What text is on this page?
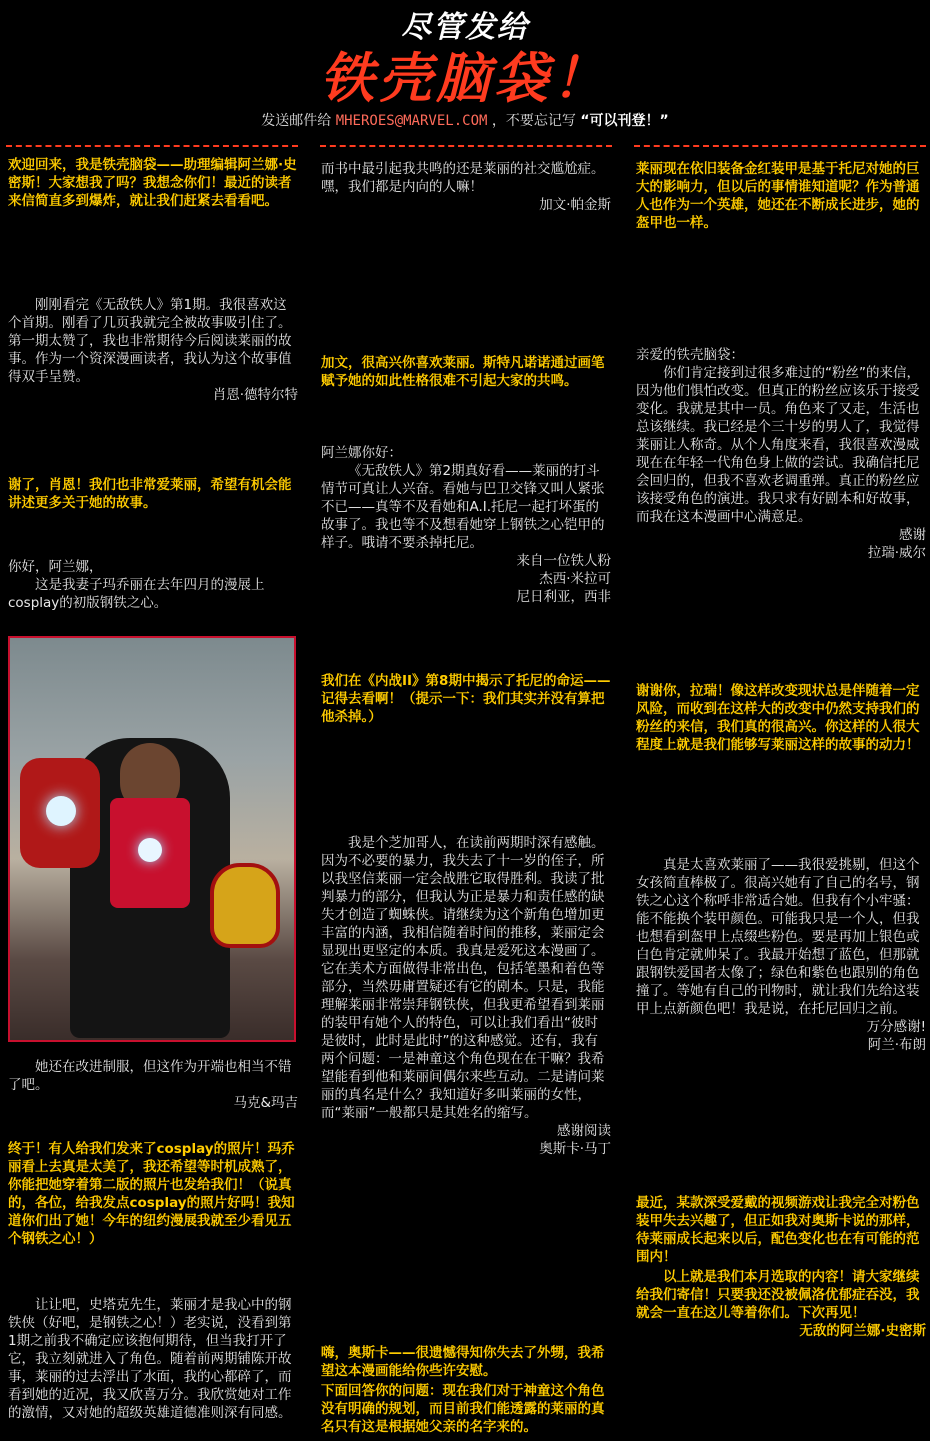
尽管发给
铁壳脑袋！
发送邮件给 MHEROES@MARVEL.COM ，不要忘记写 “可以刊登！”
欢迎回来，我是铁壳脑袋——助理编辑阿兰娜·史密斯！大家想我了吗？我想念你们！最近的读者来信简直多到爆炸，就让我们赶紧去看看吧。

刚刚看完《无敌铁人》第1期。我很喜欢这个首期。刚看了几页我就完全被故事吸引住了。第一期太赞了，我也非常期待今后阅读莱丽的故事。作为一个资深漫画读者，我认为这个故事值得双手呈赞。

肖恩·德特尔特

谢了，肖恩！我们也非常爱莱丽，希望有机会能讲述更多关于她的故事。

你好，阿兰娜，

这是我妻子玛乔丽在去年四月的漫展上cosplay的初版钢铁之心。

她还在改进制服，但这作为开端也相当不错了吧。

马克&玛吉

终于！有人给我们发来了cosplay的照片！玛乔丽看上去真是太美了，我还希望等时机成熟了，你能把她穿着第二版的照片也发给我们！（说真的，各位，给我发点cosplay的照片好吗！我知道你们出了她！今年的纽约漫展我就至少看见五个钢铁之心！）

让让吧，史塔克先生，莱丽才是我心中的钢铁侠（好吧，是钢铁之心！）老实说，没看到第1期之前我不确定应该抱何期待，但当我打开了它，我立刻就进入了角色。随着前两期铺陈开故事，莱丽的过去浮出了水面，我的心都碎了，而看到她的近况，我又欣喜万分。我欣赏她对工作的激情，又对她的超级英雄道德准则深有同感。

而书中最引起我共鸣的还是莱丽的社交尴尬症。嘿，我们都是内向的人嘛！

加文·帕金斯

加文，很高兴你喜欢莱丽。斯特凡诺诺通过画笔赋予她的如此性格很难不引起大家的共鸣。

阿兰娜你好：

《无敌铁人》第2期真好看——莱丽的打斗情节可真让人兴奋。看她与巴卫交锋又叫人紧张不已——真等不及看她和A.I.托尼一起打坏蛋的故事了。我也等不及想看她穿上钢铁之心铠甲的样子。哦请不要杀掉托尼。

来自一位铁人粉

杰西·米拉可

尼日利亚，西非

我们在《内战II》第8期中揭示了托尼的命运——记得去看啊！（提示一下：我们其实并没有算把他杀掉。）

我是个芝加哥人，在读前两期时深有感触。因为不必要的暴力，我失去了十一岁的侄子，所以我坚信莱丽一定会战胜它取得胜利。我读了批判暴力的部分，但我认为正是暴力和责任感的缺失才创造了蜘蛛侠。请继续为这个新角色增加更丰富的内涵，我相信随着时间的推移，莱丽定会显现出更坚定的本质。我真是爱死这本漫画了。它在美术方面做得非常出色，包括笔墨和着色等部分，当然毋庸置疑还有它的剧本。只是，我能理解莱丽非常崇拜钢铁侠，但我更希望看到莱丽的装甲有她个人的特色，可以让我们看出“彼时是彼时，此时是此时”的这种感觉。还有，我有两个问题：一是神童这个角色现在在干嘛？我希望能看到他和莱丽间偶尔来些互动。二是请问莱丽的真名是什么？我知道好多叫莱丽的女性，而“莱丽”一般都只是其姓名的缩写。

感谢阅读

奥斯卡·马丁

嗨，奥斯卡——很遗憾得知你失去了外甥，我希望这本漫画能给你些许安慰。
下面回答你的问题：现在我们对于神童这个角色没有明确的规划，而目前我们能透露的莱丽的真名只有这是根据她父亲的名字来的。
莱丽现在依旧装备金红装甲是基于托尼对她的巨大的影响力，但以后的事情谁知道呢？作为普通人也作为一个英雄，她还在不断成长进步，她的盔甲也一样。

亲爱的铁壳脑袋：

你们肯定接到过很多难过的“粉丝”的来信，因为他们惧怕改变。但真正的粉丝应该乐于接受变化。我就是其中一员。角色来了又走，生活也总该继续。我已经是个三十岁的男人了，我觉得莱丽让人称奇。从个人角度来看，我很喜欢漫威现在在年轻一代角色身上做的尝试。我确信托尼会回归的，但我不喜欢老调重弹。真正的粉丝应该接受角色的演进。我只求有好剧本和好故事，而我在这本漫画中心满意足。

感谢

拉瑞·威尔

谢谢你，拉瑞！像这样改变现状总是伴随着一定风险，而收到在这样大的改变中仍然支持我们的粉丝的来信，我们真的很高兴。你这样的人很大程度上就是我们能够写莱丽这样的故事的动力！

真是太喜欢莱丽了——我很爱挑剔，但这个女孩简直棒极了。很高兴她有了自己的名号，钢铁之心这个称呼非常适合她。但我有个小牢骚：能不能换个装甲颜色。可能我只是一个人，但我也想看到盔甲上点缀些粉色。要是再加上银色或白色肯定就帅呆了。我最开始想了蓝色，但那就跟钢铁爱国者太像了；绿色和紫色也跟别的角色撞了。等她有自己的刊物时，就让我们先给这装甲上点新颜色吧！我是说，在托尼回归之前。

万分感谢!

阿兰·布朗

最近，某款深受爱戴的视频游戏让我完全对粉色装甲失去兴趣了，但正如我对奥斯卡说的那样，待莱丽成长起来以后，配色变化也在有可能的范围内！

以上就是我们本月选取的内容！请大家继续给我们寄信！只要我还没被佩洛优郁症吞没，我就会一直在这儿等着你们。下次再见！

无敌的阿兰娜·史密斯
